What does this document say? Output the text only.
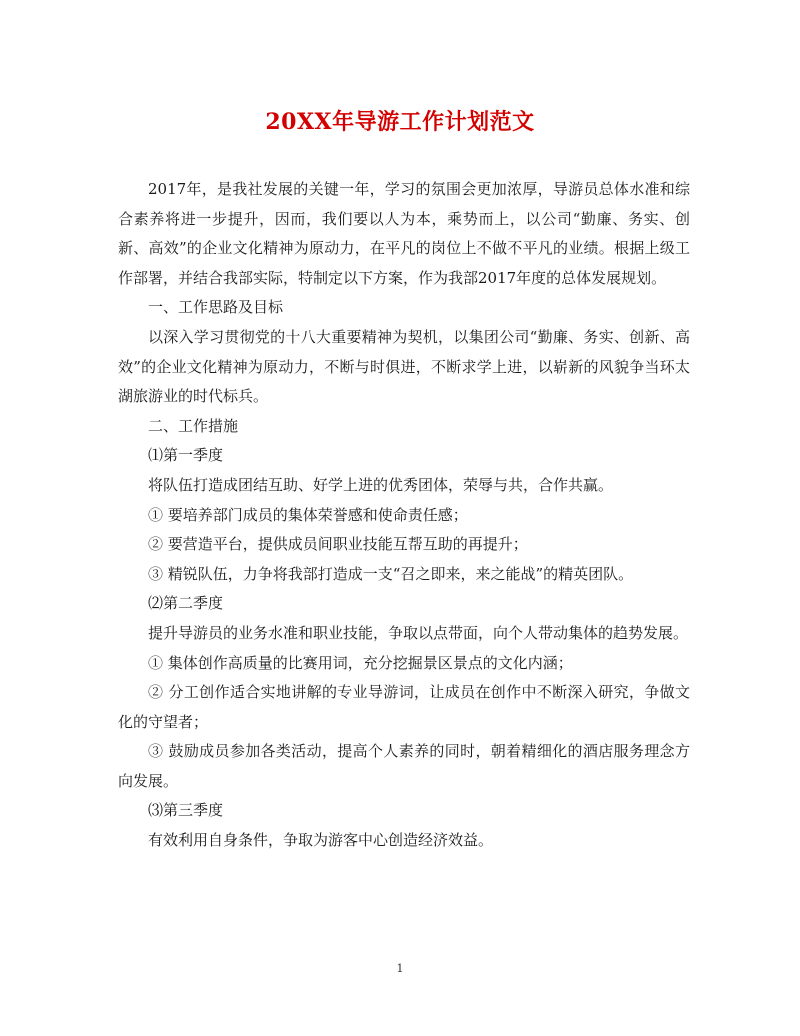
20XX年导游工作计划范文

2017年，是我社发展的关键一年，学习的氛围会更加浓厚，导游员总体水准和综合素养将进一步提升，因而，我们要以人为本，乘势而上，以公司“勤廉、务实、创新、高效”的企业文化精神为原动力，在平凡的岗位上不做不平凡的业绩。根据上级工作部署，并结合我部实际，特制定以下方案，作为我部2017年度的总体发展规划。

一、工作思路及目标

以深入学习贯彻党的十八大重要精神为契机，以集团公司“勤廉、务实、创新、高效”的企业文化精神为原动力，不断与时俱进，不断求学上进，以崭新的风貌争当环太湖旅游业的时代标兵。

二、工作措施

⑴第一季度

将队伍打造成团结互助、好学上进的优秀团体，荣辱与共，合作共赢。

① 要培养部门成员的集体荣誉感和使命责任感；

② 要营造平台，提供成员间职业技能互帮互助的再提升；

③ 精锐队伍，力争将我部打造成一支“召之即来，来之能战”的精英团队。

⑵第二季度

提升导游员的业务水准和职业技能，争取以点带面，向个人带动集体的趋势发展。

① 集体创作高质量的比赛用词，充分挖掘景区景点的文化内涵；

② 分工创作适合实地讲解的专业导游词，让成员在创作中不断深入研究，争做文化的守望者；

③ 鼓励成员参加各类活动，提高个人素养的同时，朝着精细化的酒店服务理念方向发展。

⑶第三季度

有效利用自身条件，争取为游客中心创造经济效益。

1
